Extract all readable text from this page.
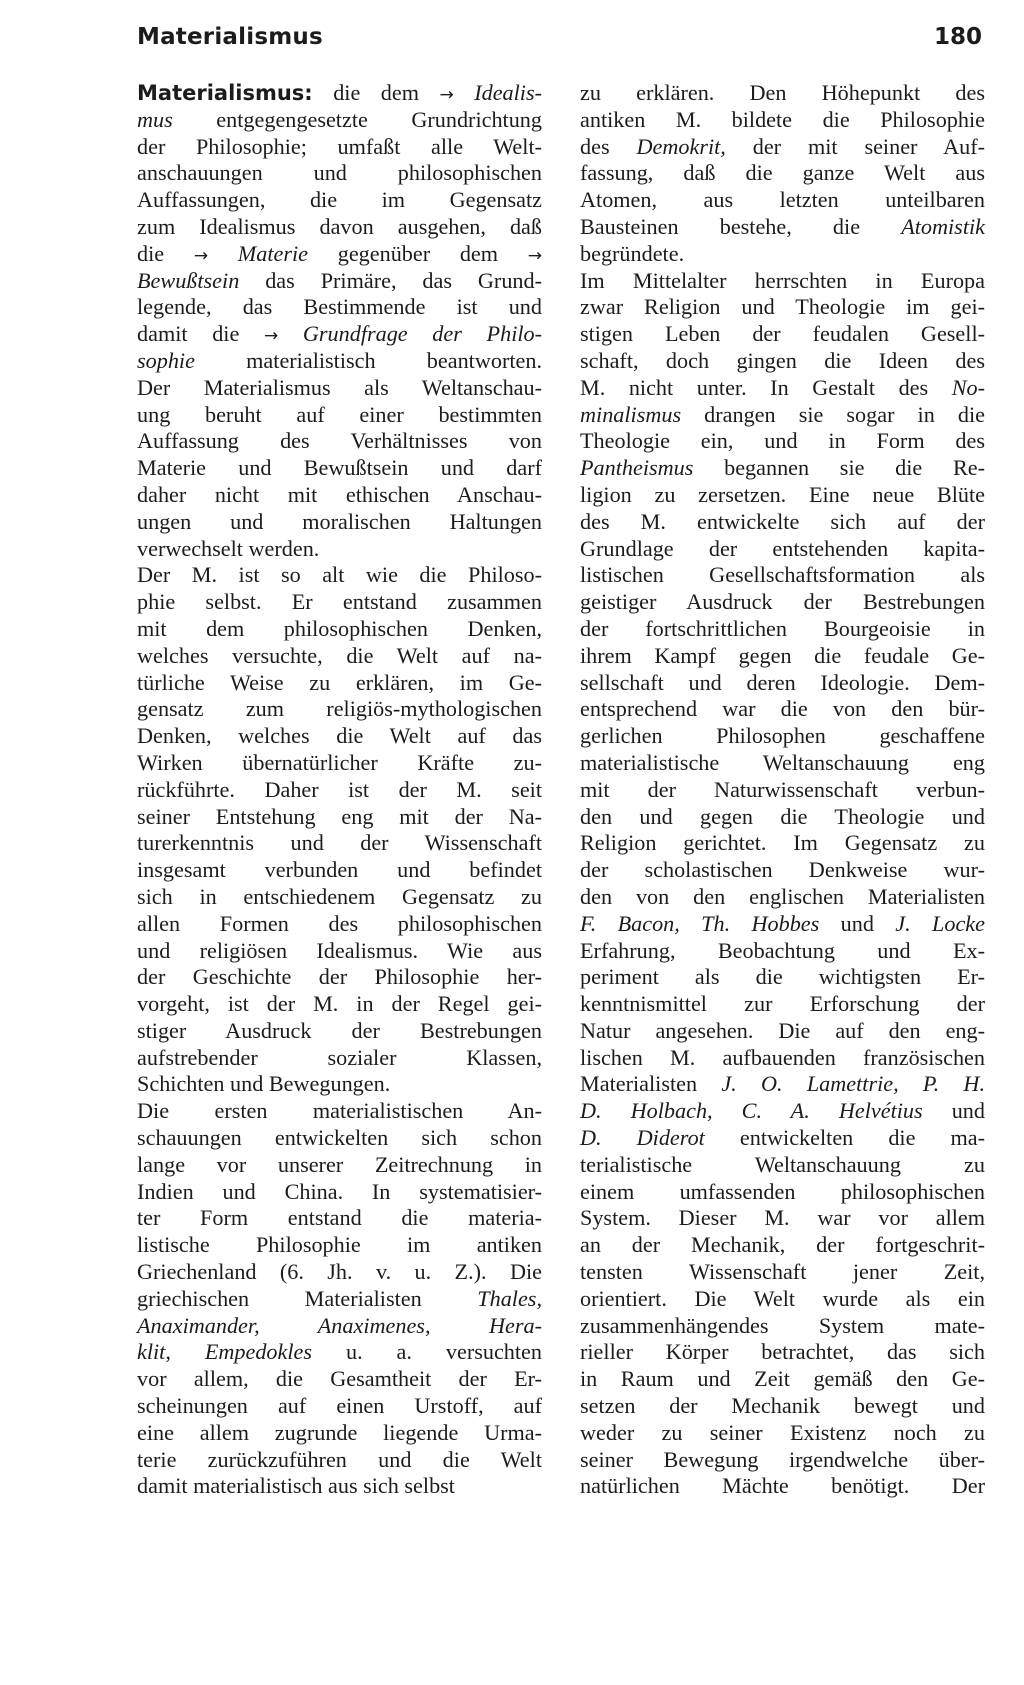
Materialismus	180
Materialismus: die dem → Idealis-
mus entgegengesetzte Grundrichtung
der Philosophie; umfaßt alle Welt-
anschauungen und philosophischen
Auffassungen, die im Gegensatz
zum Idealismus davon ausgehen, daß
die → Materie gegenüber dem →
Bewußtsein das Primäre, das Grund-
legende, das Bestimmende ist und
damit die → Grundfrage der Philo-
sophie materialistisch beantworten.
Der Materialismus als Weltanschau-
ung beruht auf einer bestimmten
Auffassung des Verhältnisses von
Materie und Bewußtsein und darf
daher nicht mit ethischen Anschau-
ungen und moralischen Haltungen
verwechselt werden.
Der M. ist so alt wie die Philoso-
phie selbst. Er entstand zusammen
mit dem philosophischen Denken,
welches versuchte, die Welt auf na-
türliche Weise zu erklären, im Ge-
gensatz zum religiös-mythologischen
Denken, welches die Welt auf das
Wirken übernatürlicher Kräfte zu-
rückführte. Daher ist der M. seit
seiner Entstehung eng mit der Na-
turerkenntnis und der Wissenschaft
insgesamt verbunden und befindet
sich in entschiedenem Gegensatz zu
allen Formen des philosophischen
und religiösen Idealismus. Wie aus
der Geschichte der Philosophie her-
vorgeht, ist der M. in der Regel gei-
stiger Ausdruck der Bestrebungen
aufstrebender sozialer Klassen,
Schichten und Bewegungen.
Die ersten materialistischen An-
schauungen entwickelten sich schon
lange vor unserer Zeitrechnung in
Indien und China. In systematisier-
ter Form entstand die materia-
listische Philosophie im antiken
Griechenland (6. Jh. v. u. Z.). Die
griechischen Materialisten Thales,
Anaximander, Anaximenes, Hera-
klit, Empedokles u. a. versuchten
vor allem, die Gesamtheit der Er-
scheinungen auf einen Urstoff, auf
eine allem zugrunde liegende Urma-
terie zurückzuführen und die Welt
damit materialistisch aus sich selbst
zu erklären. Den Höhepunkt des
antiken M. bildete die Philosophie
des Demokrit, der mit seiner Auf-
fassung, daß die ganze Welt aus
Atomen, aus letzten unteilbaren
Bausteinen bestehe, die Atomistik
begründete.
Im Mittelalter herrschten in Europa
zwar Religion und Theologie im gei-
stigen Leben der feudalen Gesell-
schaft, doch gingen die Ideen des
M. nicht unter. In Gestalt des No-
minalismus drangen sie sogar in die
Theologie ein, und in Form des
Pantheismus begannen sie die Re-
ligion zu zersetzen. Eine neue Blüte
des M. entwickelte sich auf der
Grundlage der entstehenden kapita-
listischen Gesellschaftsformation als
geistiger Ausdruck der Bestrebungen
der fortschrittlichen Bourgeoisie in
ihrem Kampf gegen die feudale Ge-
sellschaft und deren Ideologie. Dem-
entsprechend war die von den bür-
gerlichen Philosophen geschaffene
materialistische Weltanschauung eng
mit der Naturwissenschaft verbun-
den und gegen die Theologie und
Religion gerichtet. Im Gegensatz zu
der scholastischen Denkweise wur-
den von den englischen Materialisten
F. Bacon, Th. Hobbes und J. Locke
Erfahrung, Beobachtung und Ex-
periment als die wichtigsten Er-
kenntnismittel zur Erforschung der
Natur angesehen. Die auf den eng-
lischen M. aufbauenden französischen
Materialisten J. O. Lamettrie, P. H.
D. Holbach, C. A. Helvétius und
D. Diderot entwickelten die ma-
terialistische Weltanschauung zu
einem umfassenden philosophischen
System. Dieser M. war vor allem
an der Mechanik, der fortgeschrit-
tensten Wissenschaft jener Zeit,
orientiert. Die Welt wurde als ein
zusammenhängendes System mate-
rieller Körper betrachtet, das sich
in Raum und Zeit gemäß den Ge-
setzen der Mechanik bewegt und
weder zu seiner Existenz noch zu
seiner Bewegung irgendwelche über-
natürlichen Mächte benötigt. Der
